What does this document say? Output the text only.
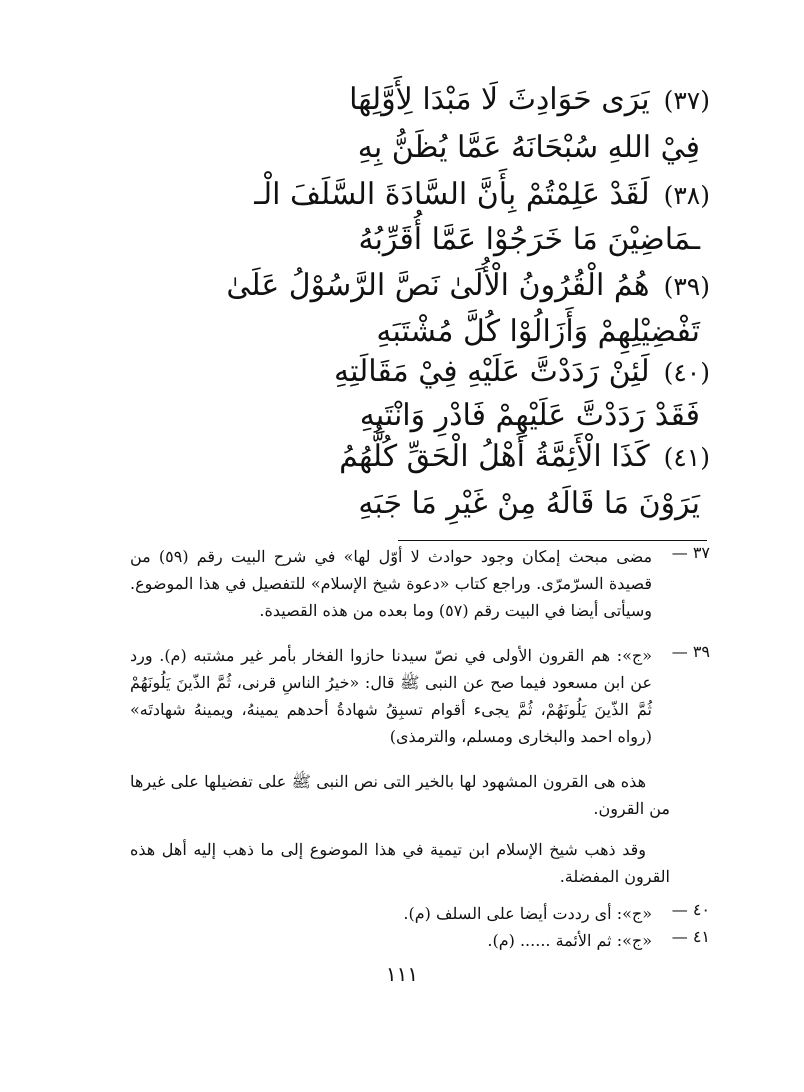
(٣٧)يَرَى حَوَادِثَ لَا مَبْدَا لِأَوَّلِهَا
فِيْ اللهِ سُبْحَانَهُ عَمَّا يُظَنُّ بِهِ
(٣٨)لَقَدْ عَلِمْتُمْ بِأَنَّ السَّادَةَ السَّلَفَ الْـ
ـمَاضِيْنَ مَا خَرَجُوْا عَمَّا أُقَرِّبُهُ
(٣٩)هُمُ الْقُرُونُ الْأُلَىٰ نَصَّ الرَّسُوْلُ عَلَىٰ
تَفْضِيْلِهِمْ وَأَزَالُوْا كُلَّ مُشْتَبَهِ
(٤٠)لَئِنْ رَدَدْتَّ عَلَيْهِ فِيْ مَقَالَتِهِ
فَقَدْ رَدَدْتَّ عَلَيْهِمْ فَادْرِ وَانْتَبِهِ
(٤١)كَذَا الْأَئِمَّةُ أَهْلُ الْحَقِّ كُلُّهُمُ
يَرَوْنَ مَا قَالَهُ مِنْ غَيْرِ مَا جَبَهِ
٣٧ —
مضى مبحث إمكان وجود حوادث لا أوّل لها» في شرح البيت رقم (٥٩) من قصيدة السرّمرّى. وراجع كتاب «دعوة شيخ الإسلام» للتفصيل في هذا الموضوع. وسيأتى أيضا في البيت رقم (٥٧) وما بعده من هذه القصيدة.
٣٩ —
«ج»: هم القرون الأولى في نصّ سيدنا حازوا الفخار بأمر غير مشتبه (م). ورد عن ابن مسعود فيما صح عن النبى ﷺ قال: «خيرُ الناسِ قرنى، ثُمَّ الذّينَ يَلُونَهُمْ ثُمَّ الذّينَ يَلُونَهُمْ، ثُمَّ يجىء أقوام تسبِقُ شهادةُ أحدهم يمينهُ، ويمينهُ شهادتَه» (رواه احمد والبخارى ومسلم، والترمذى)
هذه هى القرون المشهود لها بالخير التى نص النبى ﷺ على تفضيلها على غيرها من القرون.
وقد ذهب شيخ الإسلام ابن تيمية في هذا الموضوع إلى ما ذهب إليه أهل هذه القرون المفضلة.
٤٠ —
«ج»: أى رددت أيضا على السلف (م).
٤١ —
«ج»: ثم الأئمة ...... (م).
١١١
